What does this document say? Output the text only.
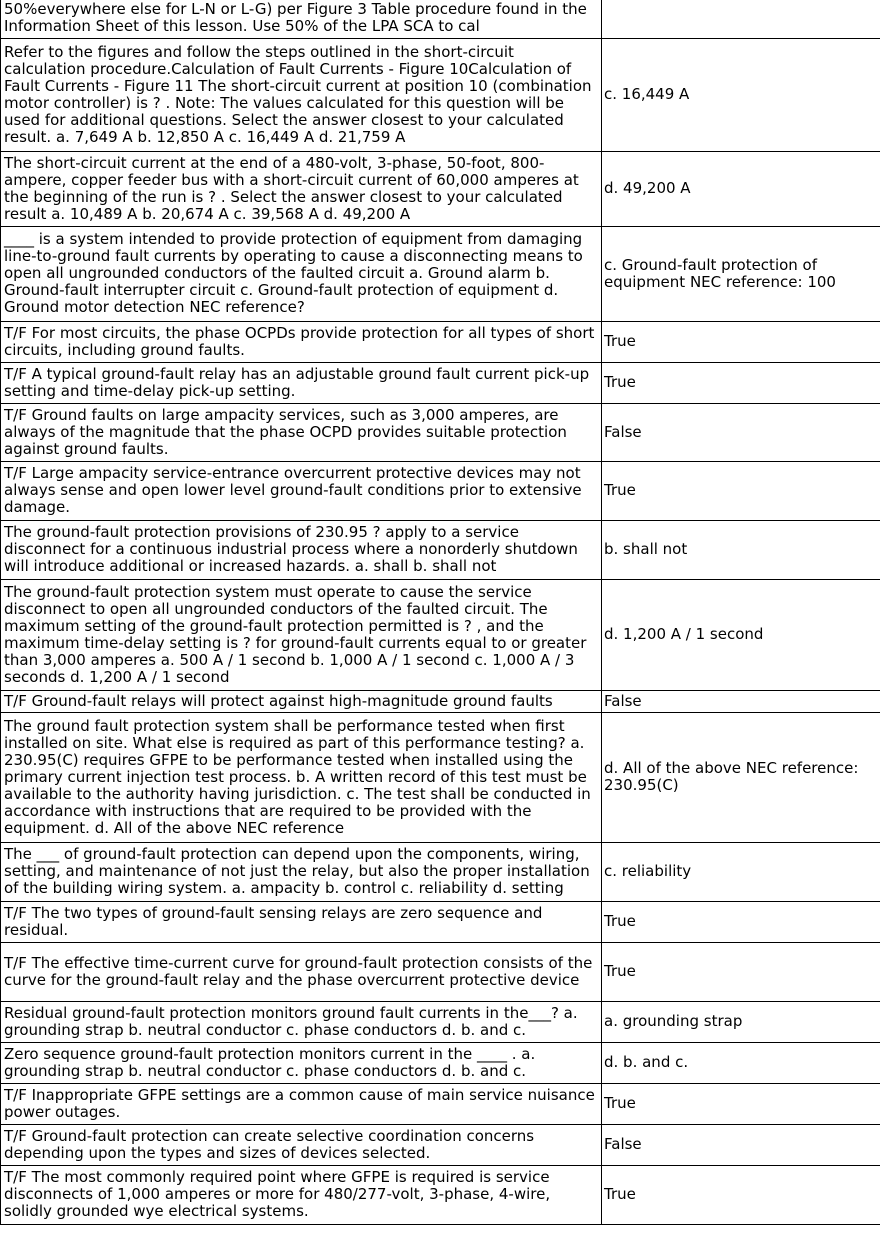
50%everywhere else for L-N or L-G) per Figure 3 Table procedure found in the Information Sheet of this lesson. Use 50% of the LPA SCA to cal	
Refer to the figures and follow the steps outlined in the short-circuit calculation procedure.Calculation of Fault Currents - Figure 10Calculation of Fault Currents - Figure 11 The short-circuit current at position 10 (combination motor controller) is ? . Note: The values calculated for this question will be used for additional questions. Select the answer closest to your calculated result. a. 7,649 A b. 12,850 A c. 16,449 A d. 21,759 A	c. 16,449 A
The short-circuit current at the end of a 480-volt, 3-phase, 50-foot, 800-ampere, copper feeder bus with a short-circuit current of 60,000 amperes at the beginning of the run is ? . Select the answer closest to your calculated result a. 10,489 A b. 20,674 A c. 39,568 A d. 49,200 A	d. 49,200 A
____ is a system intended to provide protection of equipment from damaging line-to-ground fault currents by operating to cause a disconnecting means to open all ungrounded conductors of the faulted circuit a. Ground alarm b. Ground-fault interrupter circuit c. Ground-fault protection of equipment d. Ground motor detection NEC reference?	c. Ground-fault protection of equipment NEC reference: 100
T/F For most circuits, the phase OCPDs provide protection for all types of short circuits, including ground faults.	True
T/F A typical ground-fault relay has an adjustable ground fault current pick-up setting and time-delay pick-up setting.	True
T/F Ground faults on large ampacity services, such as 3,000 amperes, are always of the magnitude that the phase OCPD provides suitable protection against ground faults.	False
T/F Large ampacity service-entrance overcurrent protective devices may not always sense and open lower level ground-fault conditions prior to extensive damage.	True
The ground-fault protection provisions of 230.95 ? apply to a service disconnect for a continuous industrial process where a nonorderly shutdown will introduce additional or increased hazards. a. shall b. shall not	b. shall not
The ground-fault protection system must operate to cause the service disconnect to open all ungrounded conductors of the faulted circuit. The maximum setting of the ground-fault protection permitted is ? , and the maximum time-delay setting is ? for ground-fault currents equal to or greater than 3,000 amperes a. 500 A / 1 second b. 1,000 A / 1 second c. 1,000 A / 3 seconds d. 1,200 A / 1 second	d. 1,200 A / 1 second
T/F Ground-fault relays will protect against high-magnitude ground faults	False
The ground fault protection system shall be performance tested when first installed on site. What else is required as part of this performance testing? a. 230.95(C) requires GFPE to be performance tested when installed using the primary current injection test process. b. A written record of this test must be available to the authority having jurisdiction. c. The test shall be conducted in accordance with instructions that are required to be provided with the equipment. d. All of the above NEC reference	d. All of the above NEC reference: 230.95(C)
The ___ of ground-fault protection can depend upon the components, wiring, setting, and maintenance of not just the relay, but also the proper installation of the building wiring system. a. ampacity b. control c. reliability d. setting	c. reliability
T/F The two types of ground-fault sensing relays are zero sequence and residual.	True
T/F The effective time-current curve for ground-fault protection consists of the curve for the ground-fault relay and the phase overcurrent protective device	True
Residual ground-fault protection monitors ground fault currents in the___? a. grounding strap b. neutral conductor c. phase conductors d. b. and c.	a. grounding strap
Zero sequence ground-fault protection monitors current in the ____ . a. grounding strap b. neutral conductor c. phase conductors d. b. and c.	d. b. and c.
T/F Inappropriate GFPE settings are a common cause of main service nuisance power outages.	True
T/F Ground-fault protection can create selective coordination concerns depending upon the types and sizes of devices selected.	False
T/F The most commonly required point where GFPE is required is service disconnects of 1,000 amperes or more for 480/277-volt, 3-phase, 4-wire, solidly grounded wye electrical systems.	True
